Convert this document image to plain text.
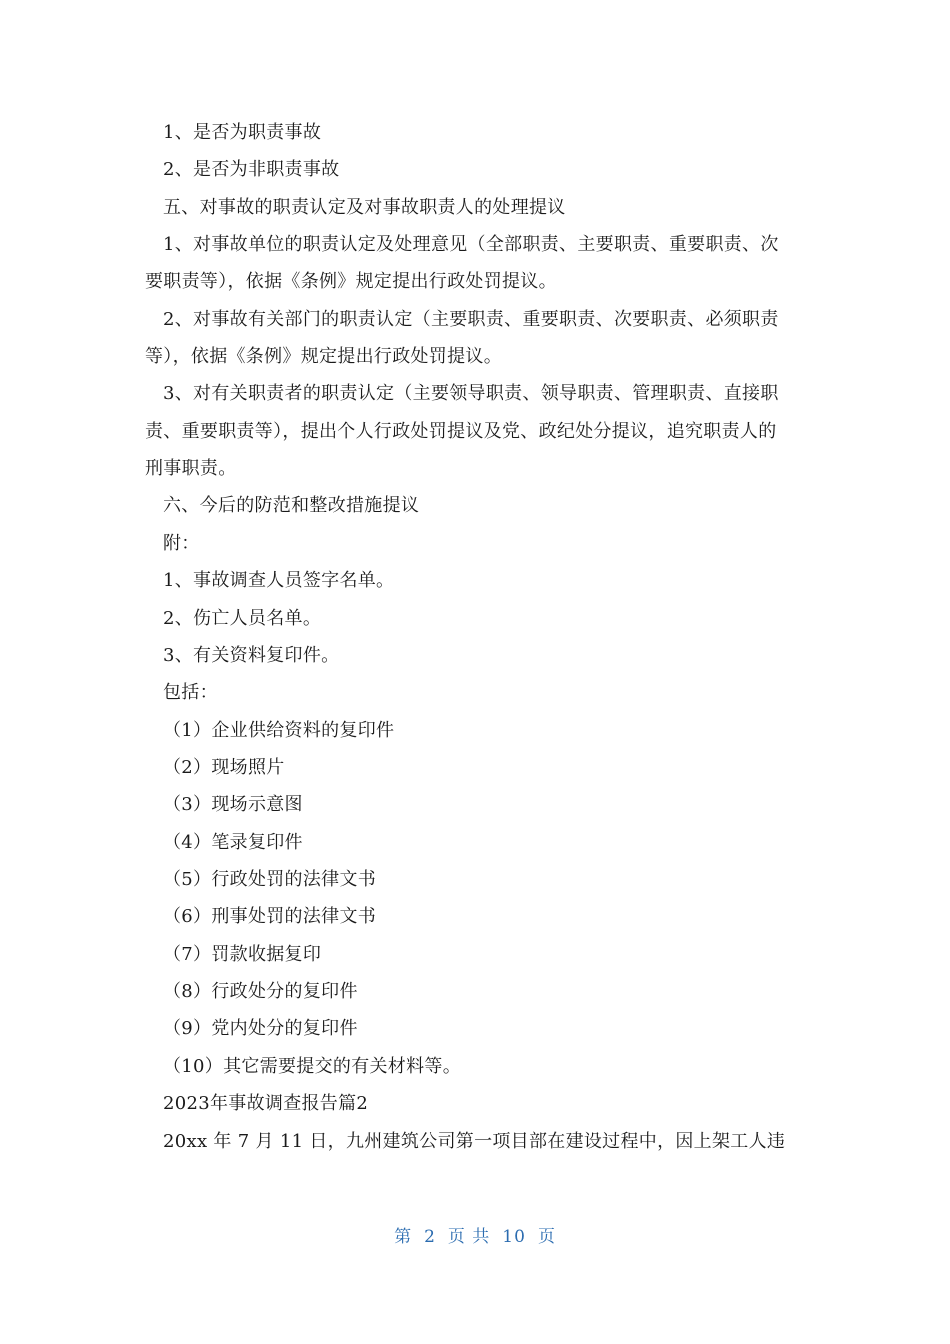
1、是否为职责事故
2、是否为非职责事故
五、对事故的职责认定及对事故职责人的处理提议
1、对事故单位的职责认定及处理意见（全部职责、主要职责、重要职责、次
要职责等），依据《条例》规定提出行政处罚提议。
2、对事故有关部门的职责认定（主要职责、重要职责、次要职责、必须职责
等），依据《条例》规定提出行政处罚提议。
3、对有关职责者的职责认定（主要领导职责、领导职责、管理职责、直接职
责、重要职责等），提出个人行政处罚提议及党、政纪处分提议，追究职责人的
刑事职责。
六、今后的防范和整改措施提议
附：
1、事故调查人员签字名单。
2、伤亡人员名单。
3、有关资料复印件。
包括：
（1）企业供给资料的复印件
（2）现场照片
（3）现场示意图
（4）笔录复印件
（5）行政处罚的法律文书
（6）刑事处罚的法律文书
（7）罚款收据复印
（8）行政处分的复印件
（9）党内处分的复印件
（10）其它需要提交的有关材料等。
2023年事故调查报告篇2
20xx 年 7 月 11 日，九州建筑公司第一项目部在建设过程中，因上架工人违
第 2 页 共 10 页
